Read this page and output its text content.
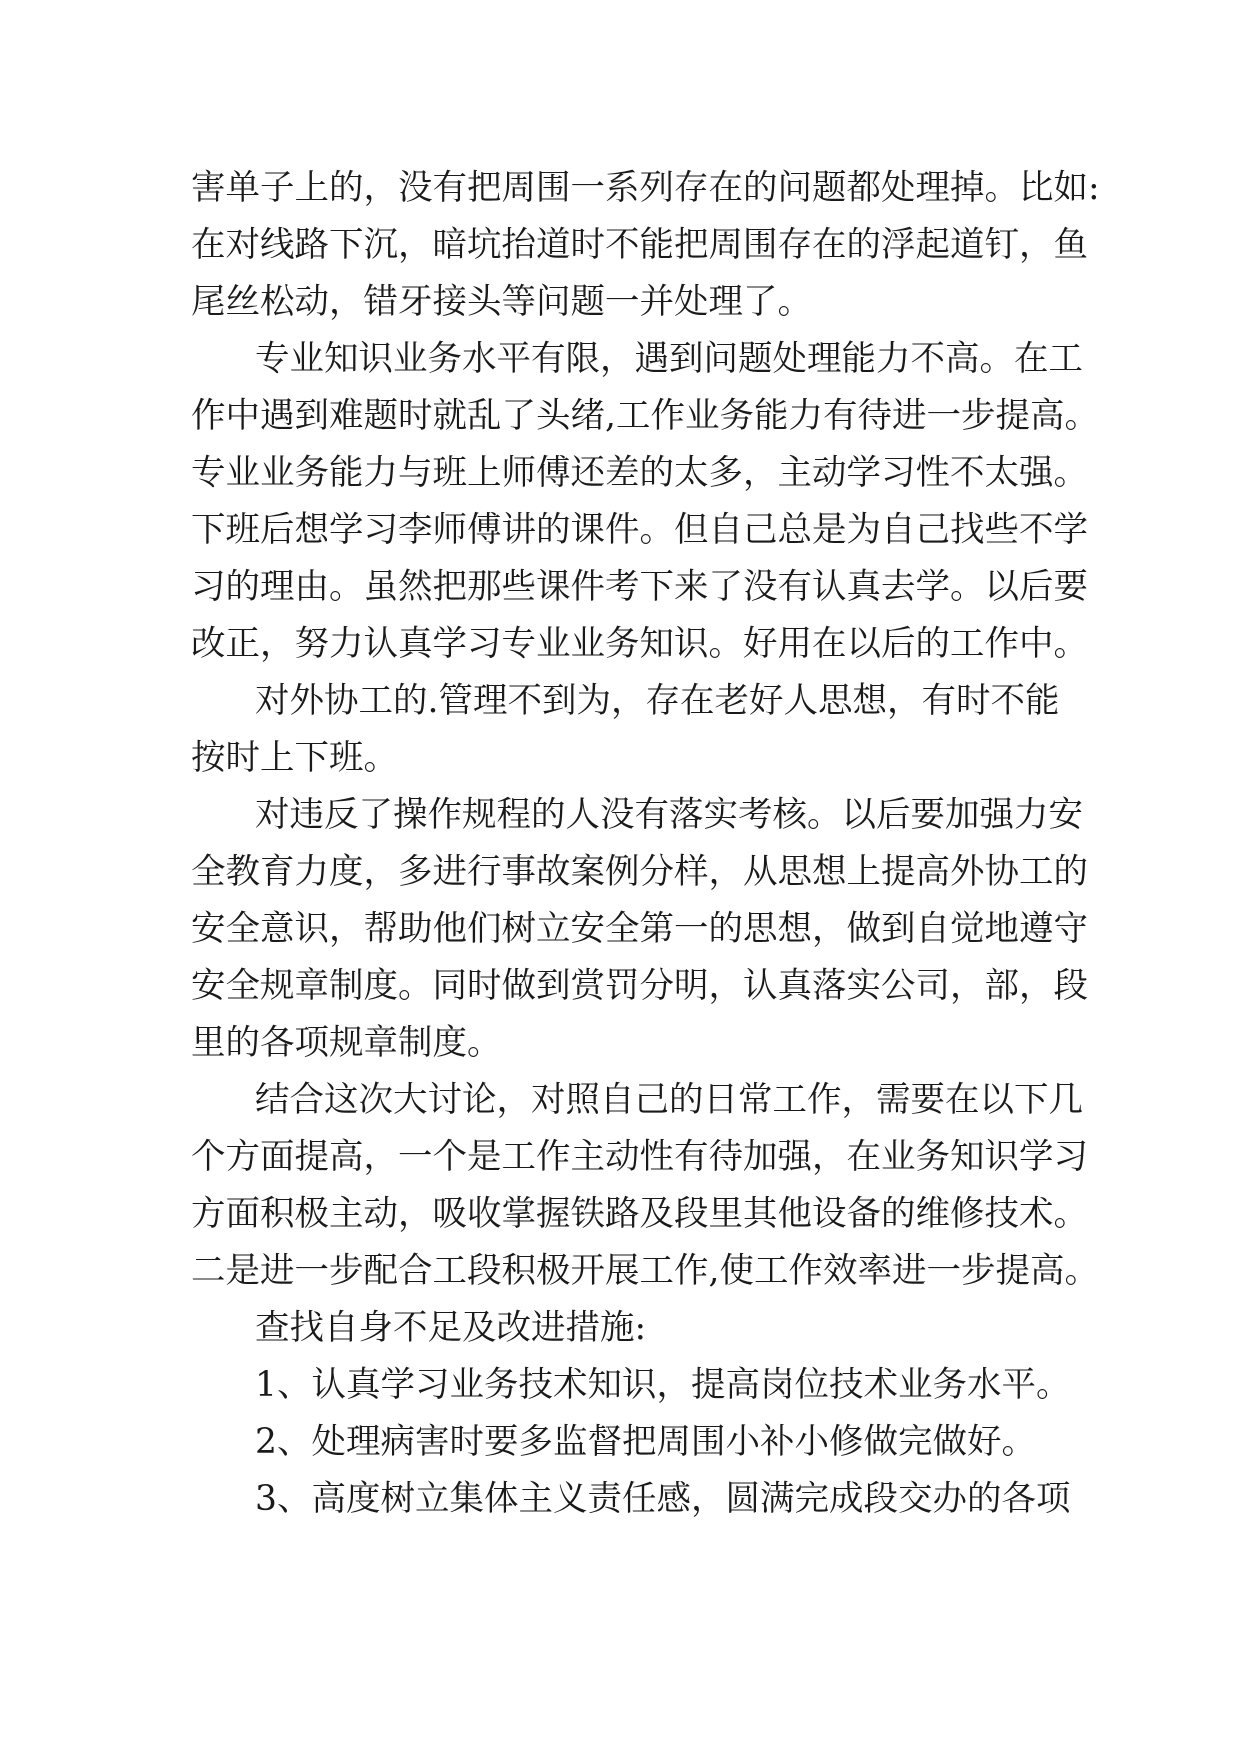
害单子上的，没有把周围一系列存在的问题都处理掉。比如:
在对线路下沉，暗坑抬道时不能把周围存在的浮起道钉，鱼
尾丝松动，错牙接头等问题一并处理了。
专业知识业务水平有限，遇到问题处理能力不高。在工
作中遇到难题时就乱了头绪,工作业务能力有待进一步提高。
专业业务能力与班上师傅还差的太多，主动学习性不太强。
下班后想学习李师傅讲的课件。但自己总是为自己找些不学
习的理由。虽然把那些课件考下来了没有认真去学。以后要
改正，努力认真学习专业业务知识。好用在以后的工作中。
对外协工的.管理不到为，存在老好人思想，有时不能
按时上下班。
对违反了操作规程的人没有落实考核。以后要加强力安
全教育力度，多进行事故案例分样，从思想上提高外协工的
安全意识，帮助他们树立安全第一的思想，做到自觉地遵守
安全规章制度。同时做到赏罚分明，认真落实公司，部，段
里的各项规章制度。
结合这次大讨论，对照自己的日常工作，需要在以下几
个方面提高，一个是工作主动性有待加强，在业务知识学习
方面积极主动，吸收掌握铁路及段里其他设备的维修技术。
二是进一步配合工段积极开展工作,使工作效率进一步提高。
查找自身不足及改进措施:
1、认真学习业务技术知识，提高岗位技术业务水平。
2、处理病害时要多监督把周围小补小修做完做好。
3、高度树立集体主义责任感，圆满完成段交办的各项
